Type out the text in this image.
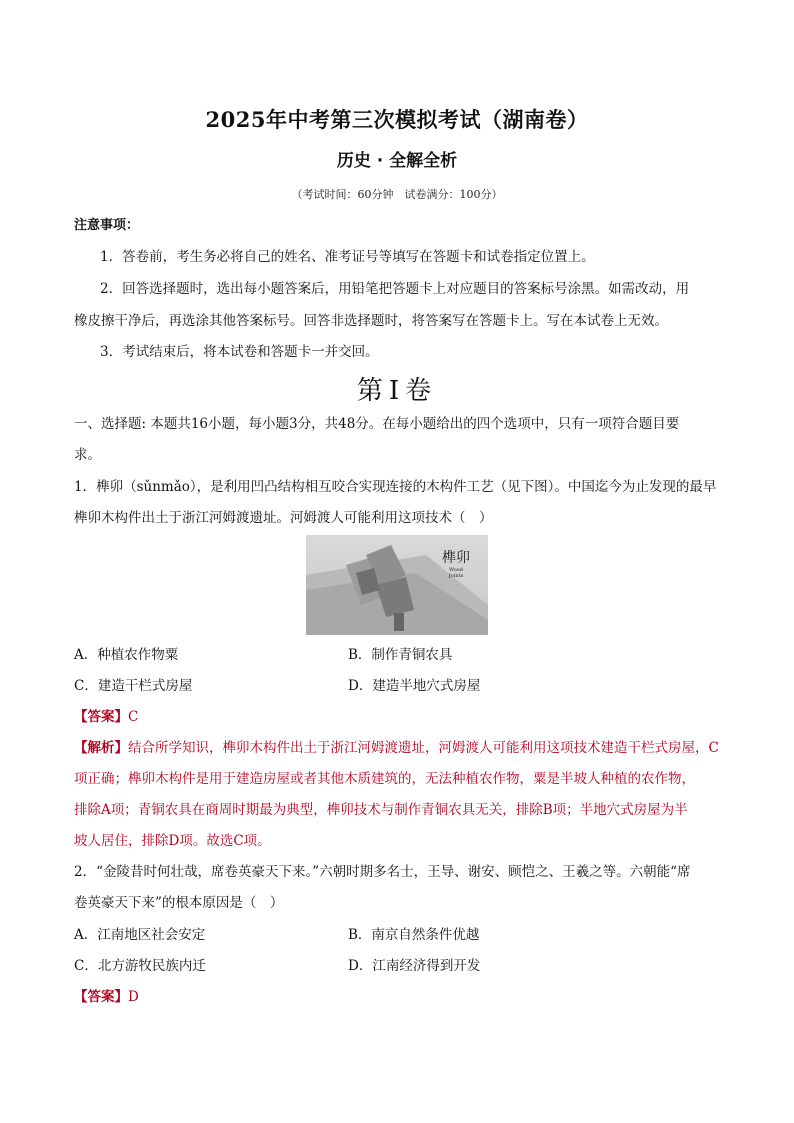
2025年中考第三次模拟考试（湖南卷）
历史 · 全解全析
（考试时间：60分钟　试卷满分：100分）
注意事项：
1．答卷前，考生务必将自己的姓名、准考证号等填写在答题卡和试卷指定位置上。
2．回答选择题时，选出每小题答案后，用铅笔把答题卡上对应题目的答案标号涂黑。如需改动，用
橡皮擦干净后，再选涂其他答案标号。回答非选择题时，将答案写在答题卡上。写在本试卷上无效。
3．考试结束后，将本试卷和答题卡一并交回。
第Ⅰ卷
一、选择题: 本题共16小题，每小题3分，共48分。在每小题给出的四个选项中，只有一项符合题目要
求。
1．榫卯（sǔnmǎo），是利用凹凸结构相互咬合实现连接的木构件工艺（见下图）。中国迄今为止发现的最早
榫卯木构件出土于浙江河姆渡遗址。河姆渡人可能利用这项技术（　）
榫卯
Wood
Joints
A．种植农作物粟	B．制作青铜农具
C．建造干栏式房屋	D．建造半地穴式房屋
【答案】C
【解析】结合所学知识，榫卯木构件出土于浙江河姆渡遗址，河姆渡人可能利用这项技术建造干栏式房屋，C
项正确；榫卯木构件是用于建造房屋或者其他木质建筑的，无法种植农作物，粟是半坡人种植的农作物，
排除A项；青铜农具在商周时期最为典型，榫卯技术与制作青铜农具无关，排除B项；半地穴式房屋为半
坡人居住，排除D项。故选C项。
2．“金陵昔时何壮哉，席卷英豪天下来。”六朝时期多名士，王导、谢安、顾恺之、王羲之等。六朝能“席
卷英豪天下来”的根本原因是（　）
A．江南地区社会安定	B．南京自然条件优越
C．北方游牧民族内迁	D．江南经济得到开发
【答案】D
